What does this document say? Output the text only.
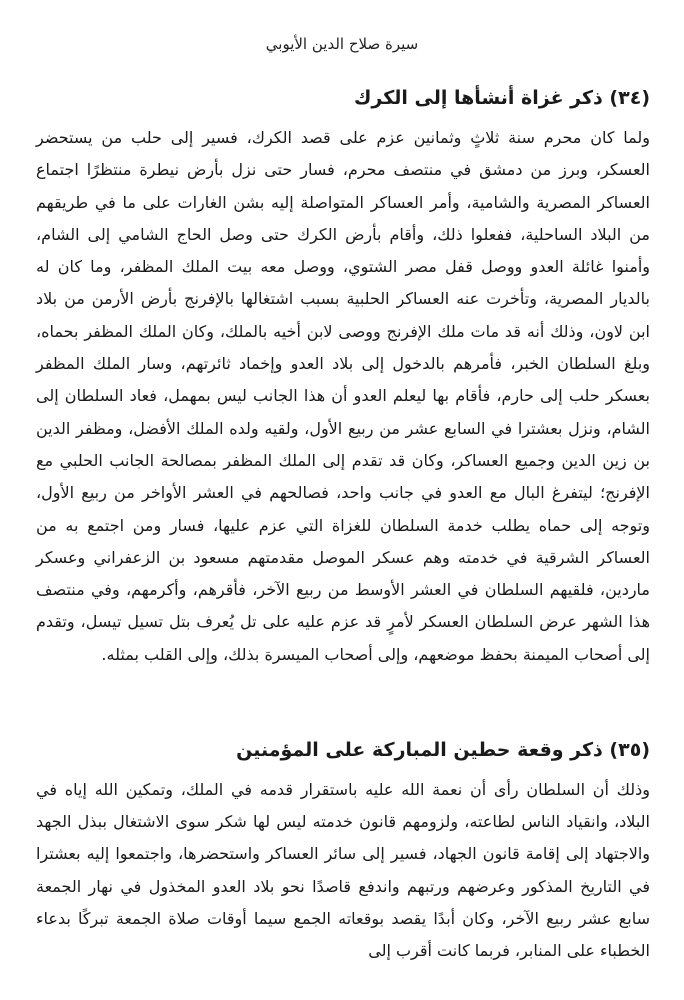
سيرة صلاح الدين الأيوبي
(٣٤) ذكر غزاة أنشأها إلى الكرك

ولما كان محرم سنة ثلاثٍ وثمانين عزم على قصد الكرك، فسير إلى حلب من يستحضر العسكر، وبرز من دمشق في منتصف محرم، فسار حتى نزل بأرض نيطرة منتظرًا اجتماع العساكر المصرية والشامية، وأمر العساكر المتواصلة إليه بشن الغارات على ما في طريقهم من البلاد الساحلية، ففعلوا ذلك، وأقام بأرض الكرك حتى وصل الحاج الشامي إلى الشام، وأمنوا غائلة العدو ووصل قفل مصر الشتوي، ووصل معه بيت الملك المظفر، وما كان له بالديار المصرية، وتأخرت عنه العساكر الحلبية بسبب اشتغالها بالإفرنج بأرض الأرمن من بلاد ابن لاون، وذلك أنه قد مات ملك الإفرنج ووصى لابن أخيه بالملك، وكان الملك المظفر بحماه، وبلغ السلطان الخبر، فأمرهم بالدخول إلى بلاد العدو وإخماد ثائرتهم، وسار الملك المظفر بعسكر حلب إلى حارم، فأقام بها ليعلم العدو أن هذا الجانب ليس بمهمل، فعاد السلطان إلى الشام، ونزل بعشترا في السابع عشر من ربيع الأول، ولقيه ولده الملك الأفضل، ومظفر الدين بن زين الدين وجميع العساكر، وكان قد تقدم إلى الملك المظفر بمصالحة الجانب الحلبي مع الإفرنج؛ ليتفرغ البال مع العدو في جانب واحد، فصالحهم في العشر الأواخر من ربيع الأول، وتوجه إلى حماه يطلب خدمة السلطان للغزاة التي عزم عليها، فسار ومن اجتمع به من العساكر الشرقية في خدمته وهم عسكر الموصل مقدمتهم مسعود بن الزعفراني وعسكر ماردين، فلقيهم السلطان في العشر الأوسط من ربيع الآخر، فأقرهم، وأكرمهم، وفي منتصف هذا الشهر عرض السلطان العسكر لأمرٍ قد عزم عليه على تل يُعرف بتل تسيل تيسل، وتقدم إلى أصحاب الميمنة بحفظ موضعهم، وإلى أصحاب الميسرة بذلك، وإلى القلب بمثله.

(٣٥) ذكر وقعة حطين المباركة على المؤمنين

وذلك أن السلطان رأى أن نعمة الله عليه باستقرار قدمه في الملك، وتمكين الله إياه في البلاد، وانقياد الناس لطاعته، ولزومهم قانون خدمته ليس لها شكر سوى الاشتغال ببذل الجهد والاجتهاد إلى إقامة قانون الجهاد، فسير إلى سائر العساكر واستحضرها، واجتمعوا إليه بعشترا في التاريخ المذكور وعرضهم ورتبهم واندفع قاصدًا نحو بلاد العدو المخذول في نهار الجمعة سابع عشر ربيع الآخر، وكان أبدًا يقصد بوقعاته الجمع سيما أوقات صلاة الجمعة تبركًا بدعاء الخطباء على المنابر، فربما كانت أقرب إلى
